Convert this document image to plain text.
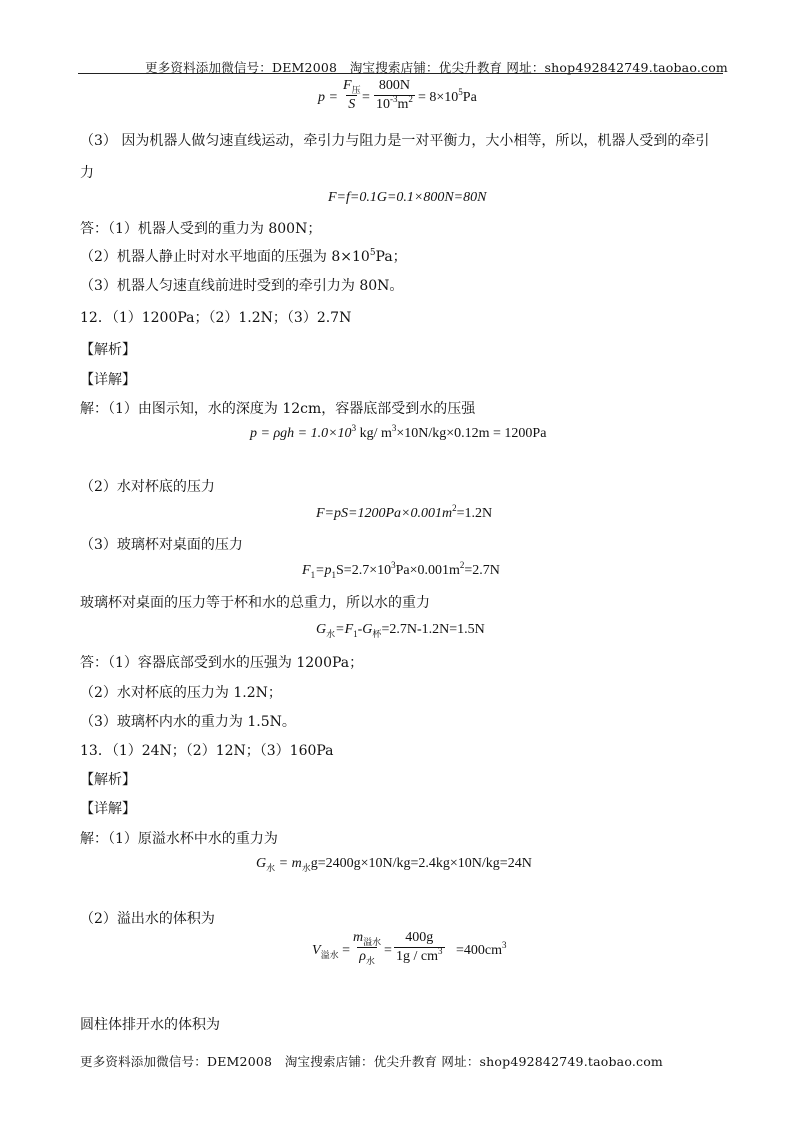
更多资料添加微信号：DEM2008　淘宝搜索店铺：优尖升教育 网址：shop492842749.taobao.com
p =
$F_压$
$S = \frac{800N}{10^{-3}m^2} = 8\times 10^5Pa$
（3） 因为机器人做匀速直线运动，牵引力与阻力是一对平衡力，大小相等，所以，机器人受到的牵引
力
F=f=0.1G=0.1×800N=80N
答：（1）机器人受到的重力为 800N；
（2）机器人静止时对水平地面的压强为 $8\times 10^5Pa$；
（3）机器人匀速直线前进时受到的牵引力为 80N。
12．（1）1200Pa；（2）1.2N；（3）2.7N
【解析】
【详解】
解：（1）由图示知，水的深度为 12cm，容器底部受到水的压强
$p = \rho gh = 1.0\times 10^3$ kg/ $m^3\times 10N/kg\times 0.12m = 1200Pa$
（2）水对杯底的压力
$F=pS=1200Pa\times 0.001m^2=1.2N$
（3）玻璃杯对桌面的压力
$F_1=p_1S=2.7\times 10^3Pa\times 0.001m^2=2.7N$
玻璃杯对桌面的压力等于杯和水的总重力，所以水的重力
$G_水=F_1-G_杯=2.7N-1.2N=1.5N$
答：（1）容器底部受到水的压强为 1200Pa；
（2）水对杯底的压力为 1.2N；
（3）玻璃杯内水的重力为 1.5N。
13．（1）24N；（2）12N；（3）160Pa
【解析】
【详解】
解：（1）原溢水杯中水的重力为
$G_水 = m_水g=2400g\times 10N/kg=2.4kg\times 10N/kg=24N$
（2）溢出水的体积为
$V_{溢水}$ =
$m_{溢水}$
$\rho_水$
= $\frac{400g}{1g / cm^3} =400cm^3$
圆柱体排开水的体积为
更多资料添加微信号：DEM2008　淘宝搜索店铺：优尖升教育 网址：shop492842749.taobao.com
